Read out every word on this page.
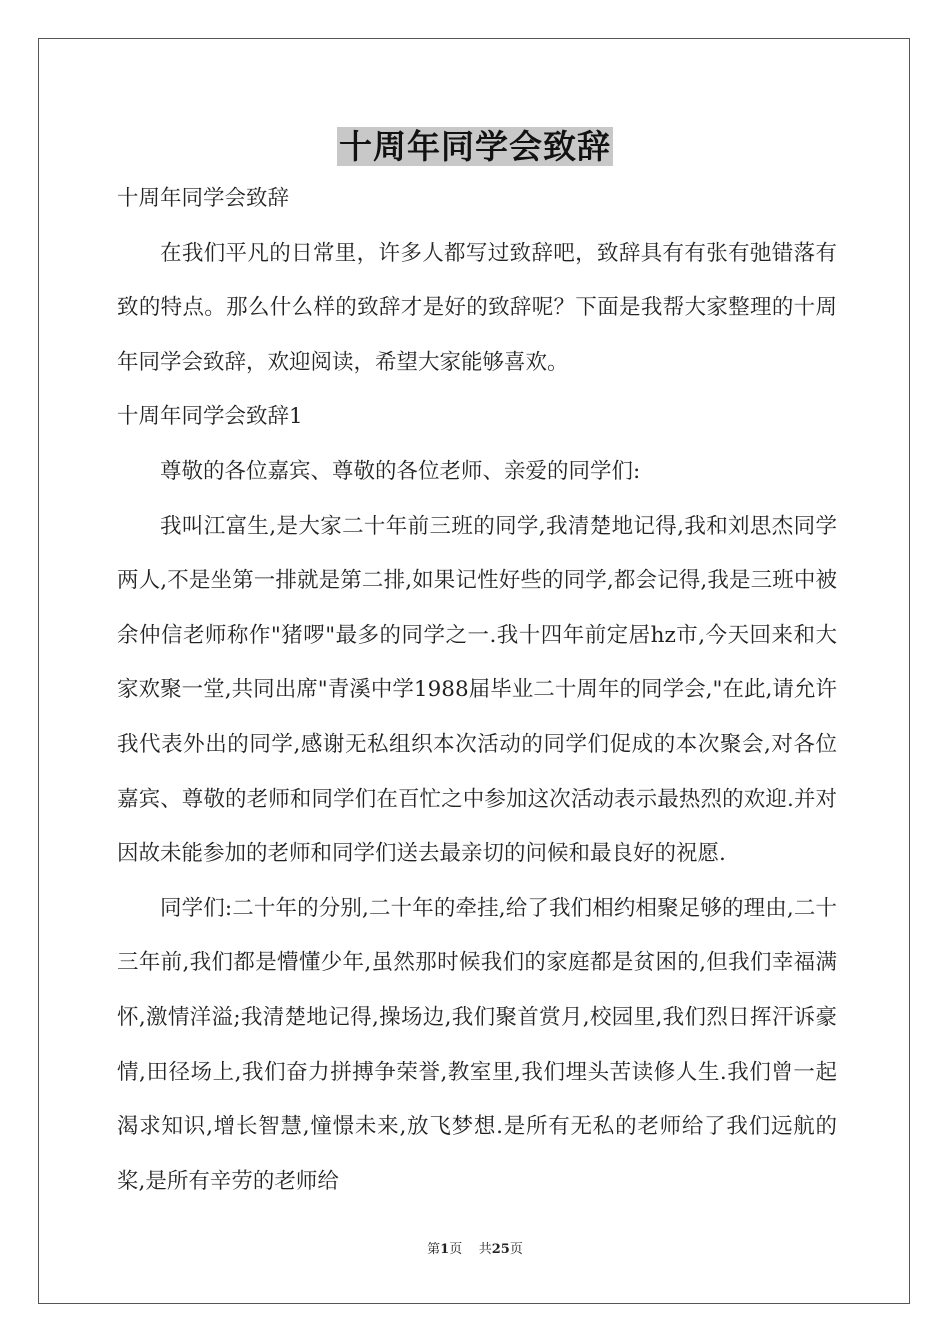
十周年同学会致辞

十周年同学会致辞

在我们平凡的日常里，许多人都写过致辞吧，致辞具有有张有弛错落有致的特点。那么什么样的致辞才是好的致辞呢？下面是我帮大家整理的十周年同学会致辞，欢迎阅读，希望大家能够喜欢。

十周年同学会致辞1

尊敬的各位嘉宾、尊敬的各位老师、亲爱的同学们:

我叫江富生,是大家二十年前三班的同学,我清楚地记得,我和刘思杰同学两人,不是坐第一排就是第二排,如果记性好些的同学,都会记得,我是三班中被余仲信老师称作"猪啰"最多的同学之一.我十四年前定居hz市,今天回来和大家欢聚一堂,共同出席"青溪中学1988届毕业二十周年的同学会,"在此,请允许我代表外出的同学,感谢无私组织本次活动的同学们促成的本次聚会,对各位嘉宾、尊敬的老师和同学们在百忙之中参加这次活动表示最热烈的欢迎.并对因故未能参加的老师和同学们送去最亲切的问候和最良好的祝愿.

同学们:二十年的分别,二十年的牵挂,给了我们相约相聚足够的理由,二十三年前,我们都是懵懂少年,虽然那时候我们的家庭都是贫困的,但我们幸福满怀,激情洋溢;我清楚地记得,操场边,我们聚首赏月,校园里,我们烈日挥汗诉豪情,田径场上,我们奋力拼搏争荣誉,教室里,我们埋头苦读修人生.我们曾一起渴求知识,增长智慧,憧憬未来,放飞梦想.是所有无私的老师给了我们远航的桨,是所有辛劳的老师给

第1页 共25页
